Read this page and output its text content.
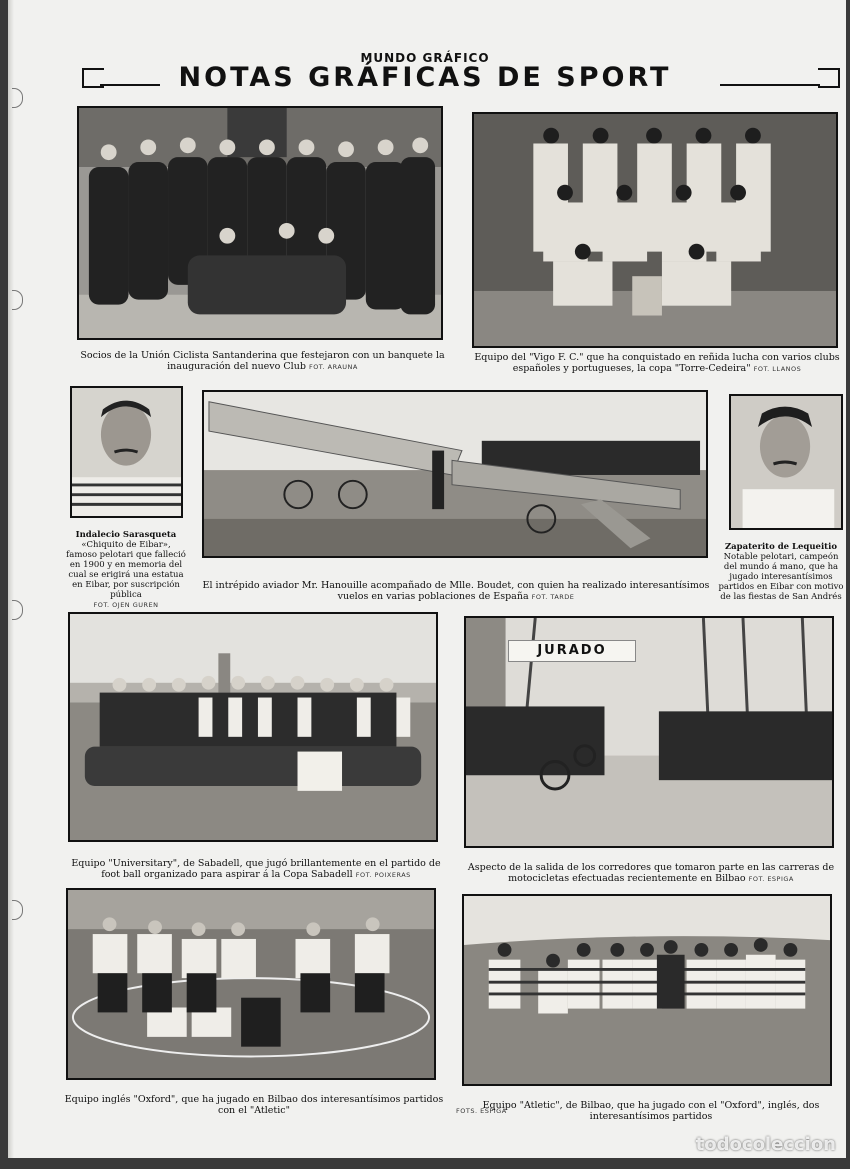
MUNDO GRÁFICO
NOTAS GRÁFICAS DE SPORT
Socios de la Unión Ciclista Santanderina que festejaron con un banquete la inauguración del nuevo Club FOT. ARAUNA
Equipo del "Vigo F. C." que ha conquistado en reñida lucha con varios clubs españoles y portugueses, la copa "Torre-Cedeira" FOT. LLANOS
Indalecio Sarasqueta
«Chiquito de Eibar», famoso pelotari que falleció en 1900 y en memoria del cual se erigirá una estatua en Eibar, por suscripción pública
FOT. OJEN GUREN
El intrépido aviador Mr. Hanouille acompañado de Mlle. Boudet, con quien ha realizado interesantísimos vuelos en varias poblaciones de España FOT. TARDE
Zapaterito de Lequeitio
Notable pelotari, campeón del mundo á mano, que ha jugado interesantísimos partidos en Eibar con motivo de las fiestas de San Andrés
Equipo "Universitary", de Sabadell, que jugó brillantemente en el partido de foot ball organizado para aspirar á la Copa Sabadell FOT. POIXERAS
JURADO
Aspecto de la salida de los corredores que tomaron parte en las carreras de motocicletas efectuadas recientemente en Bilbao FOT. ESPIGA
Equipo inglés "Oxford", que ha jugado en Bilbao dos interesantísimos partidos con el "Atletic"	FOTS. ESPIGA
Equipo "Atletic", de Bilbao, que ha jugado con el "Oxford", inglés, dos interesantísimos partidos
todocoleccion
